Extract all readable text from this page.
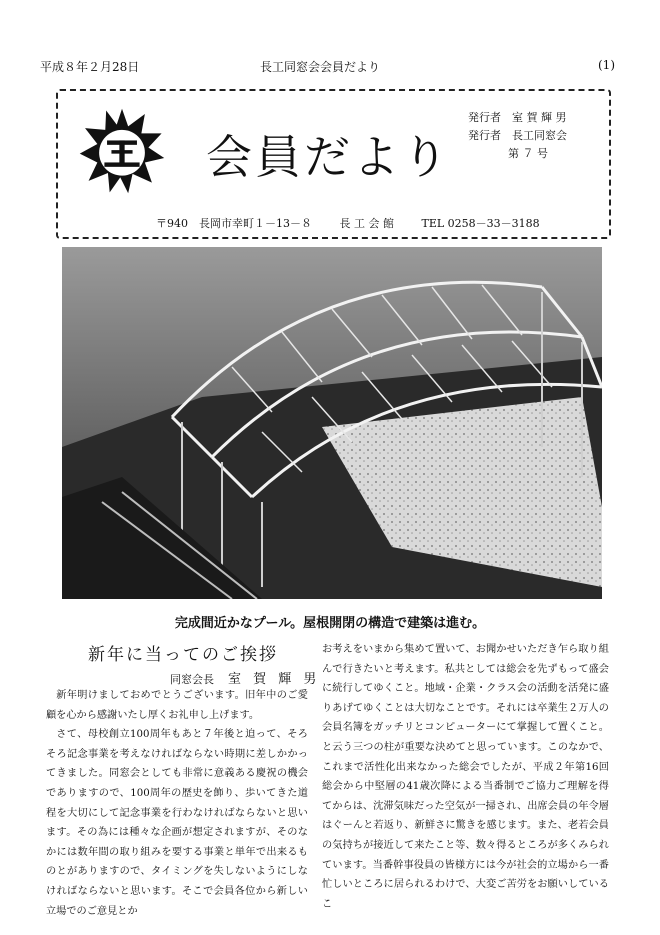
平成８年２月28日	長工同窓会会員だより	(1)
会員だより
発行者　室 賀 輝 男
発行者　長工同窓会
第 ７ 号
〒940　長岡市幸町１－13－８	長 工 会 館	TEL 0258－33－3188
完成間近かなプール。屋根開閉の構造で建築は進む。
新年に当ってのご挨拶
同窓会長 室 賀 輝 男

新年明けましておめでとうございます。旧年中のご愛顧を心から感謝いたし厚くお礼申し上げます。

さて、母校創立100周年もあと７年後と迫って、そろそろ記念事業を考えなければならない時期に差しかかってきました。同窓会としても非常に意義ある慶祝の機会でありますので、100周年の歴史を飾り、歩いてきた道程を大切にして記念事業を行わなければならないと思います。その為には種々な企画が想定されますが、そのなかには数年間の取り組みを要する事業と単年で出来るものとがありますので、タイミングを失しないようにしなければならないと思います。そこで会員各位から新しい立場でのご意見とか

お考えをいまから集めて置いて、お聞かせいただき乍ら取り組んで行きたいと考えます。私共としては総会を先ずもって盛会に続行してゆくこと。地域・企業・クラス会の活動を活発に盛りあげてゆくことは大切なことです。それには卒業生２万人の会員名簿をガッチリとコンピューターにて掌握して置くこと。と云う三つの柱が重要な決めてと思っています。このなかで、これまで活性化出来なかった総会でしたが、平成２年第16回総会から中堅層の41歳次降による当番制でご協力ご理解を得てからは、沈滞気味だった空気が一掃され、出席会員の年令層はぐーんと若返り、新鮮さに驚きを感じます。また、老若会員の気持ちが接近して来たこと等、数々得るところが多くみられています。当番幹事役員の皆様方には今が社会的立場から一番忙しいところに居られるわけで、大変ご苦労をお願いしているこ
